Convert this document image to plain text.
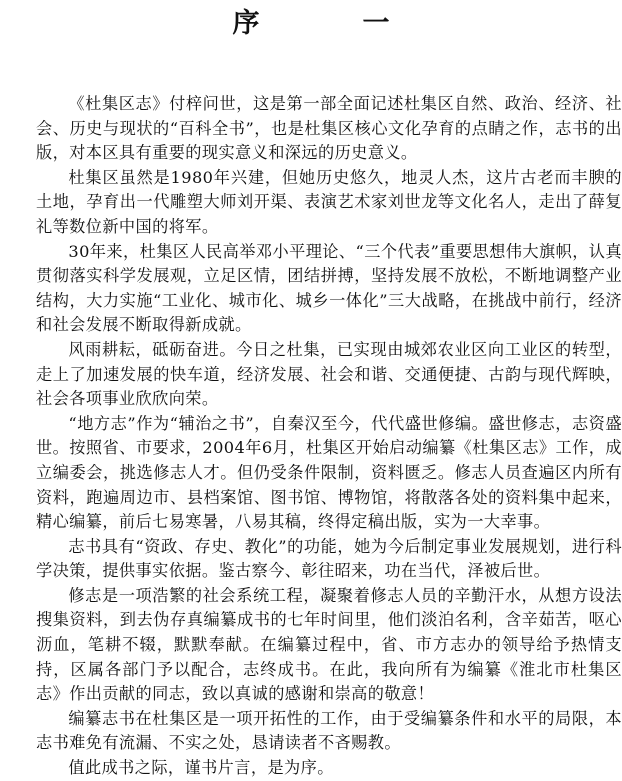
序　一

《杜集区志》付梓问世，这是第一部全面记述杜集区自然、政治、经济、社会、历史与现状的“百科全书”，也是杜集区核心文化孕育的点睛之作，志书的出版，对本区具有重要的现实意义和深远的历史意义。

杜集区虽然是1980年兴建，但她历史悠久，地灵人杰，这片古老而丰腴的土地，孕育出一代雕塑大师刘开渠、表演艺术家刘世龙等文化名人，走出了薛复礼等数位新中国的将军。

30年来，杜集区人民高举邓小平理论、“三个代表”重要思想伟大旗帜，认真贯彻落实科学发展观，立足区情，团结拼搏，坚持发展不放松，不断地调整产业结构，大力实施“工业化、城市化、城乡一体化”三大战略，在挑战中前行，经济和社会发展不断取得新成就。

风雨耕耘，砥砺奋进。今日之杜集，已实现由城郊农业区向工业区的转型，走上了加速发展的快车道，经济发展、社会和谐、交通便捷、古韵与现代辉映，社会各项事业欣欣向荣。

“地方志”作为“辅治之书”，自秦汉至今，代代盛世修编。盛世修志，志资盛世。按照省、市要求，2004年6月，杜集区开始启动编纂《杜集区志》工作，成立编委会，挑选修志人才。但仍受条件限制，资料匮乏。修志人员查遍区内所有资料，跑遍周边市、县档案馆、图书馆、博物馆，将散落各处的资料集中起来，精心编纂，前后七易寒暑，八易其稿，终得定稿出版，实为一大幸事。

志书具有“资政、存史、教化”的功能，她为今后制定事业发展规划，进行科学决策，提供事实依据。鉴古察今、彰往昭来，功在当代，泽被后世。

修志是一项浩繁的社会系统工程，凝聚着修志人员的辛勤汗水，从想方设法搜集资料，到去伪存真编纂成书的七年时间里，他们淡泊名利，含辛茹苦，呕心沥血，笔耕不辍，默默奉献。在编纂过程中，省、市方志办的领导给予热情支持，区属各部门予以配合，志终成书。在此，我向所有为编纂《淮北市杜集区志》作出贡献的同志，致以真诚的感谢和崇高的敬意！

编纂志书在杜集区是一项开拓性的工作，由于受编纂条件和水平的局限，本志书难免有流漏、不实之处，恳请读者不吝赐教。

值此成书之际，谨书片言，是为序。
